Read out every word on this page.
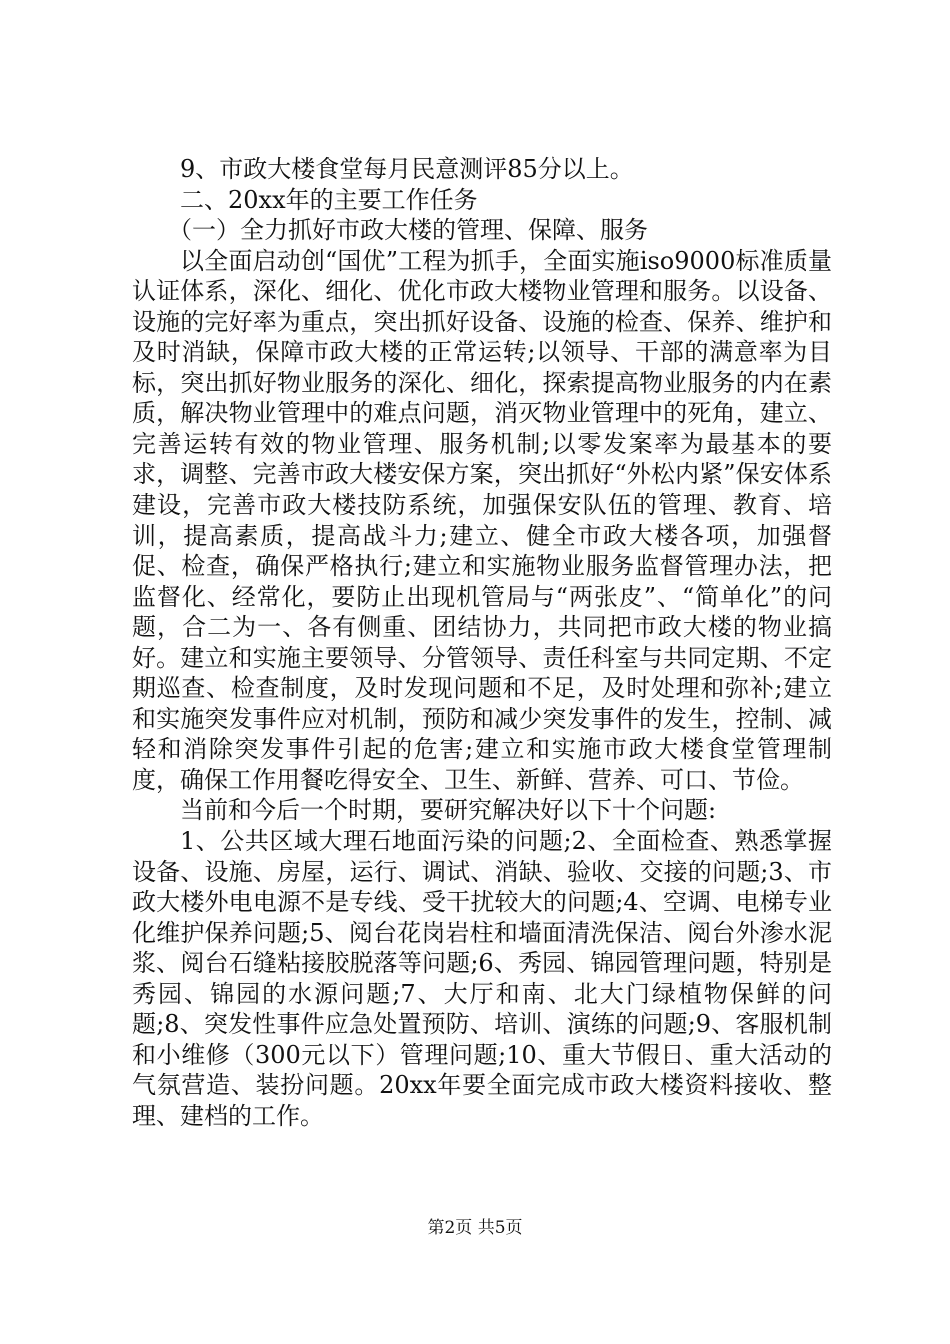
9、市政大楼食堂每月民意测评85分以上。

二、20xx年的主要工作任务

（一）全力抓好市政大楼的管理、保障、服务

以全面启动创“国优”工程为抓手，全面实施iso9000标准质量认证体系，深化、细化、优化市政大楼物业管理和服务。以设备、设施的完好率为重点，突出抓好设备、设施的检查、保养、维护和及时消缺，保障市政大楼的正常运转;以领导、干部的满意率为目标，突出抓好物业服务的深化、细化，探索提高物业服务的内在素质，解决物业管理中的难点问题，消灭物业管理中的死角，建立、完善运转有效的物业管理、服务机制;以零发案率为最基本的要求，调整、完善市政大楼安保方案，突出抓好“外松内紧”保安体系建设，完善市政大楼技防系统，加强保安队伍的管理、教育、培训，提高素质，提高战斗力;建立、健全市政大楼各项，加强督促、检查，确保严格执行;建立和实施物业服务监督管理办法，把监督化、经常化，要防止出现机管局与“两张皮”、“简单化”的问题，合二为一、各有侧重、团结协力，共同把市政大楼的物业搞好。建立和实施主要领导、分管领导、责任科室与共同定期、不定期巡查、检查制度，及时发现问题和不足，及时处理和弥补;建立和实施突发事件应对机制，预防和减少突发事件的发生，控制、减轻和消除突发事件引起的危害;建立和实施市政大楼食堂管理制度，确保工作用餐吃得安全、卫生、新鲜、营养、可口、节俭。

当前和今后一个时期，要研究解决好以下十个问题:

1、公共区域大理石地面污染的问题;2、全面检查、熟悉掌握设备、设施、房屋，运行、调试、消缺、验收、交接的问题;3、市政大楼外电电源不是专线、受干扰较大的问题;4、空调、电梯专业化维护保养问题;5、阅台花岗岩柱和墙面清洗保洁、阅台外渗水泥浆、阅台石缝粘接胶脱落等问题;6、秀园、锦园管理问题，特别是秀园、锦园的水源问题;7、大厅和南、北大门绿植物保鲜的问题;8、突发性事件应急处置预防、培训、演练的问题;9、客服机制和小维修（300元以下）管理问题;10、重大节假日、重大活动的气氛营造、装扮问题。20xx年要全面完成市政大楼资料接收、整理、建档的工作。

第2页 共5页
